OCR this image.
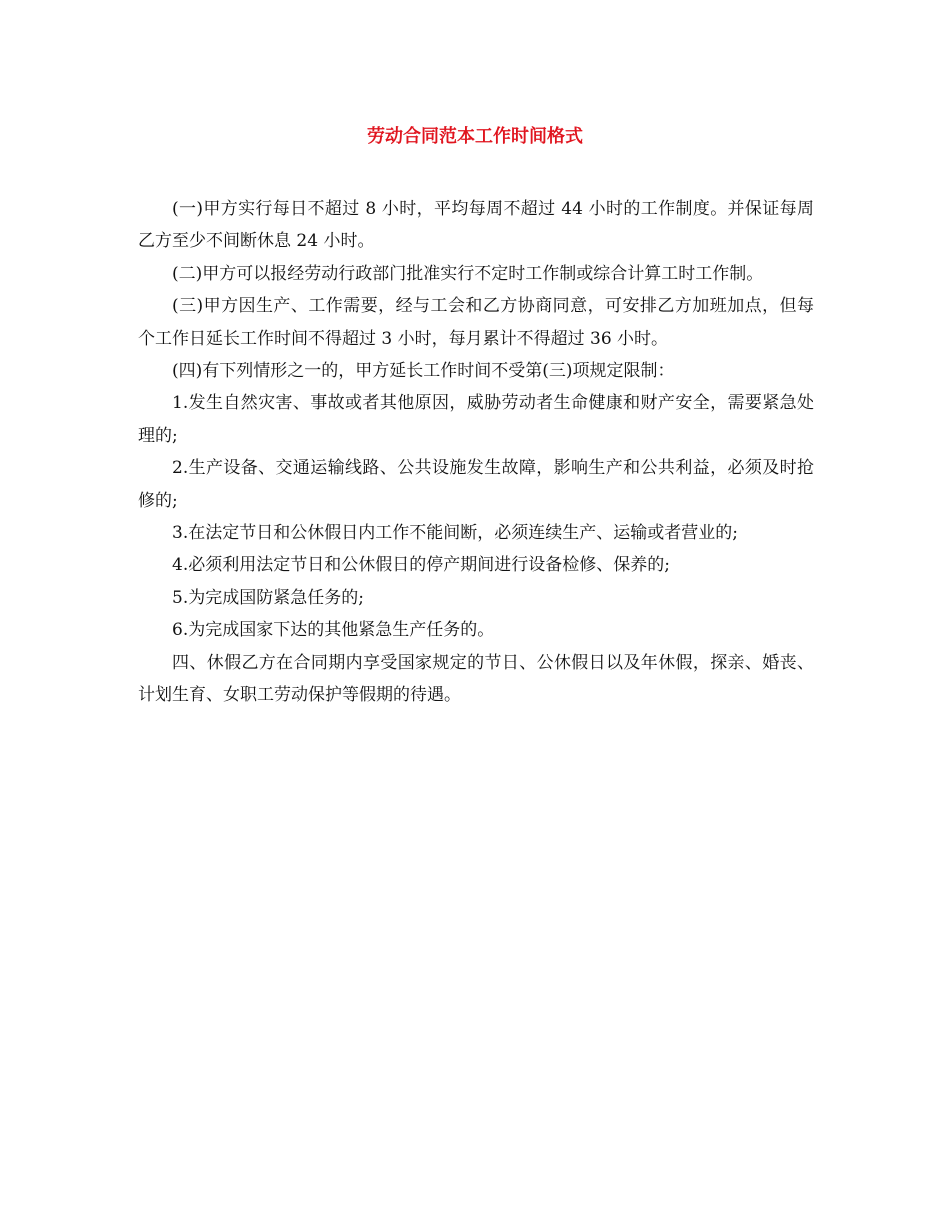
劳动合同范本工作时间格式

(一)甲方实行每日不超过 8 小时，平均每周不超过 44 小时的工作制度。并保证每周乙方至少不间断休息 24 小时。

(二)甲方可以报经劳动行政部门批准实行不定时工作制或综合计算工时工作制。

(三)甲方因生产、工作需要，经与工会和乙方协商同意，可安排乙方加班加点，但每个工作日延长工作时间不得超过 3 小时，每月累计不得超过 36 小时。

(四)有下列情形之一的，甲方延长工作时间不受第(三)项规定限制：

1.发生自然灾害、事故或者其他原因，威胁劳动者生命健康和财产安全，需要紧急处理的;

2.生产设备、交通运输线路、公共设施发生故障，影响生产和公共利益，必须及时抢修的;

3.在法定节日和公休假日内工作不能间断，必须连续生产、运输或者营业的;

4.必须利用法定节日和公休假日的停产期间进行设备检修、保养的;

5.为完成国防紧急任务的;

6.为完成国家下达的其他紧急生产任务的。

四、休假乙方在合同期内享受国家规定的节日、公休假日以及年休假，探亲、婚丧、计划生育、女职工劳动保护等假期的待遇。
